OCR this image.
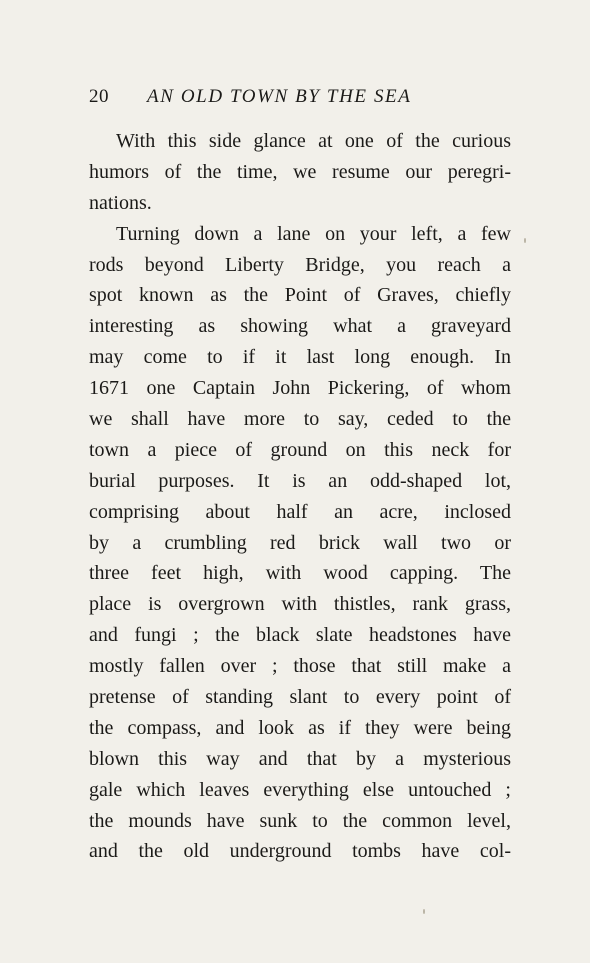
20 AN OLD TOWN BY THE SEA
With this side glance at one of the curious
humors of the time, we resume our peregri-
nations.
Turning down a lane on your left, a few
rods beyond Liberty Bridge, you reach a
spot known as the Point of Graves, chiefly
interesting as showing what a graveyard
may come to if it last long enough. In
1671 one Captain John Pickering, of whom
we shall have more to say, ceded to the
town a piece of ground on this neck for
burial purposes. It is an odd-shaped lot,
comprising about half an acre, inclosed
by a crumbling red brick wall two or
three feet high, with wood capping. The
place is overgrown with thistles, rank grass,
and fungi ; the black slate headstones have
mostly fallen over ; those that still make a
pretense of standing slant to every point of
the compass, and look as if they were being
blown this way and that by a mysterious
gale which leaves everything else untouched ;
the mounds have sunk to the common level,
and the old underground tombs have col-
